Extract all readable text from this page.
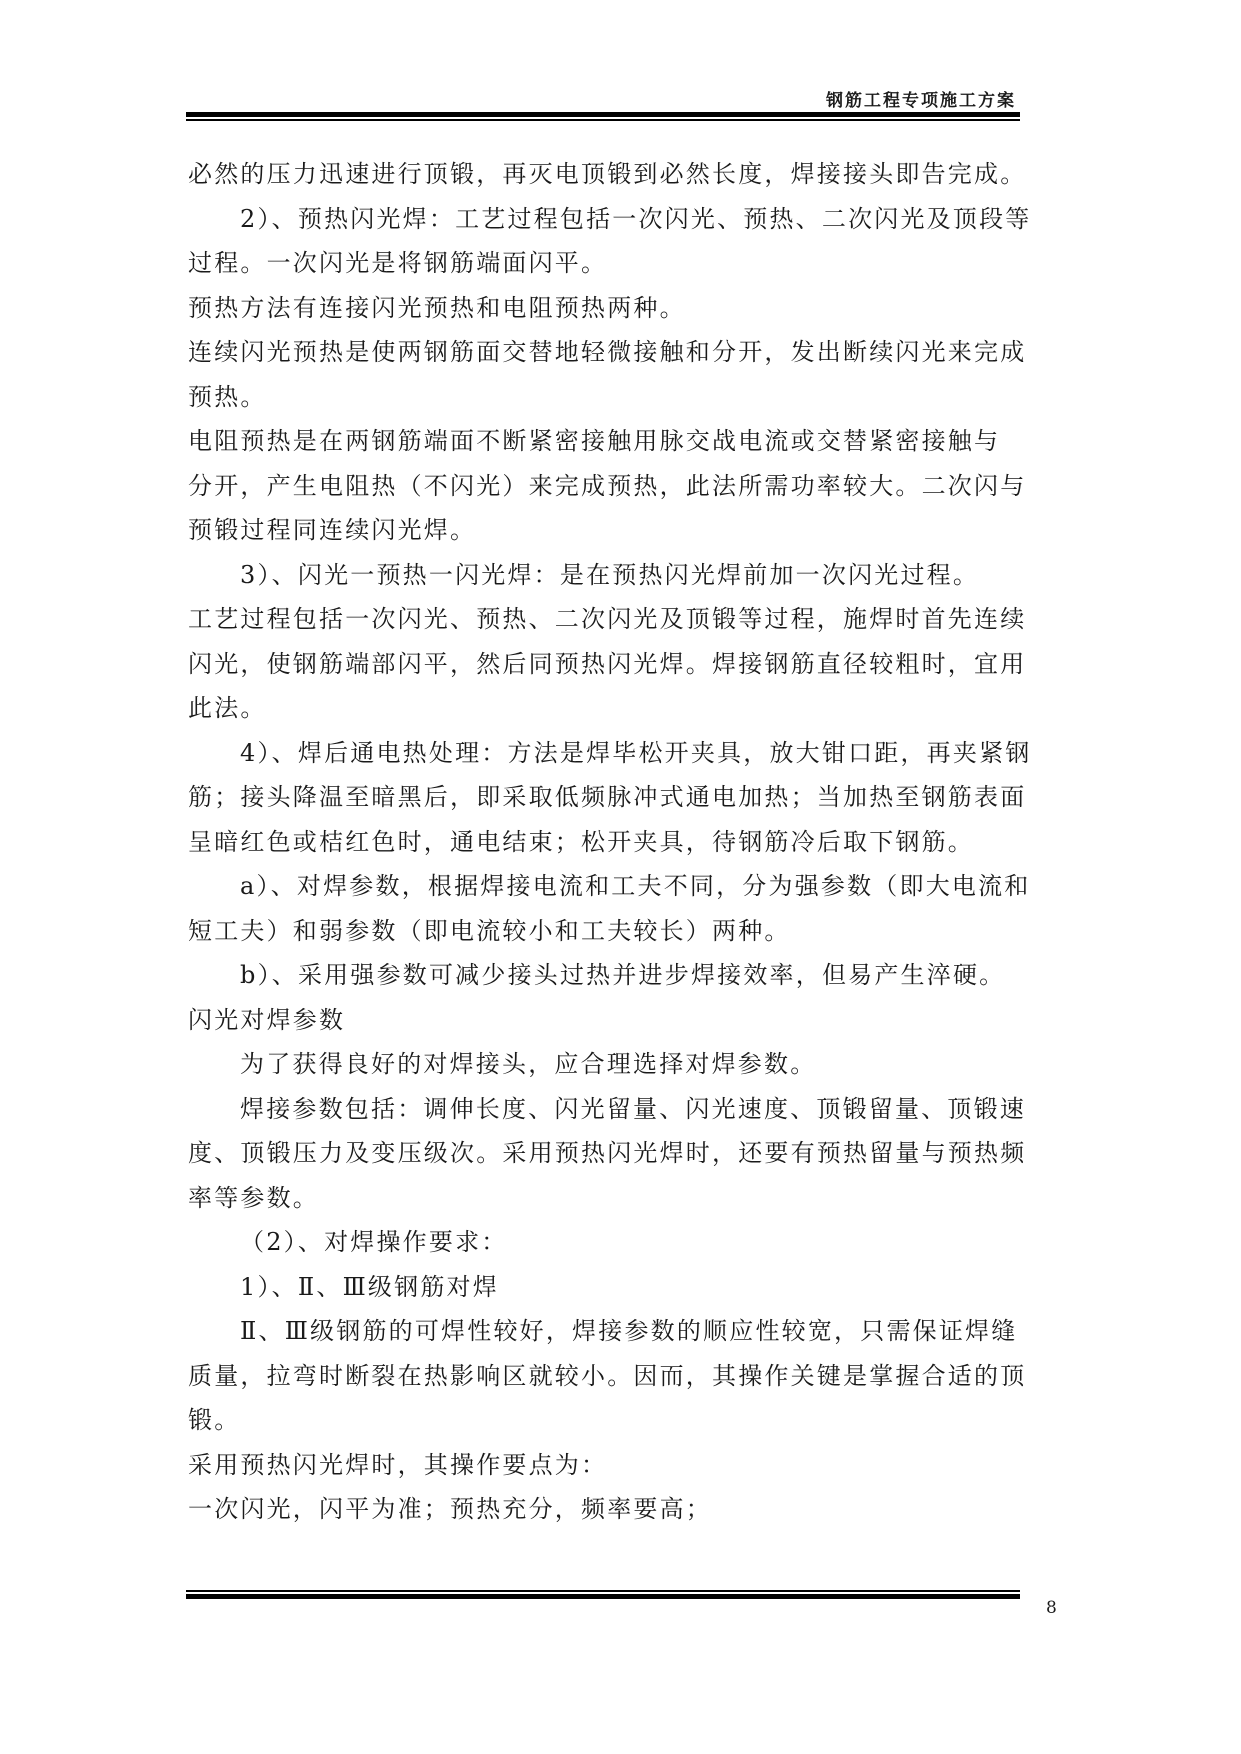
钢筋工程专项施工方案
必然的压力迅速进行顶锻，再灭电顶锻到必然长度，焊接接头即告完成。
2）、预热闪光焊：工艺过程包括一次闪光、预热、二次闪光及顶段等
过程。一次闪光是将钢筋端面闪平。
预热方法有连接闪光预热和电阻预热两种。
连续闪光预热是使两钢筋面交替地轻微接触和分开，发出断续闪光来完成
预热。
电阻预热是在两钢筋端面不断紧密接触用脉交战电流或交替紧密接触与
分开，产生电阻热（不闪光）来完成预热，此法所需功率较大。二次闪与
预锻过程同连续闪光焊。
3）、闪光一预热一闪光焊：是在预热闪光焊前加一次闪光过程。
工艺过程包括一次闪光、预热、二次闪光及顶锻等过程，施焊时首先连续
闪光，使钢筋端部闪平，然后同预热闪光焊。焊接钢筋直径较粗时，宜用
此法。
4）、焊后通电热处理：方法是焊毕松开夹具，放大钳口距，再夹紧钢
筋；接头降温至暗黑后，即采取低频脉冲式通电加热；当加热至钢筋表面
呈暗红色或桔红色时，通电结束；松开夹具，待钢筋冷后取下钢筋。
a）、对焊参数，根据焊接电流和工夫不同，分为强参数（即大电流和
短工夫）和弱参数（即电流较小和工夫较长）两种。
b）、采用强参数可减少接头过热并进步焊接效率，但易产生淬硬。
闪光对焊参数
为了获得良好的对焊接头，应合理选择对焊参数。
焊接参数包括：调伸长度、闪光留量、闪光速度、顶锻留量、顶锻速
度、顶锻压力及变压级次。采用预热闪光焊时，还要有预热留量与预热频
率等参数。
（2）、对焊操作要求：
1）、Ⅱ、Ⅲ级钢筋对焊
Ⅱ、Ⅲ级钢筋的可焊性较好，焊接参数的顺应性较宽，只需保证焊缝
质量，拉弯时断裂在热影响区就较小。因而，其操作关键是掌握合适的顶
锻。
采用预热闪光焊时，其操作要点为：
一次闪光，闪平为准；预热充分，频率要高；
8
